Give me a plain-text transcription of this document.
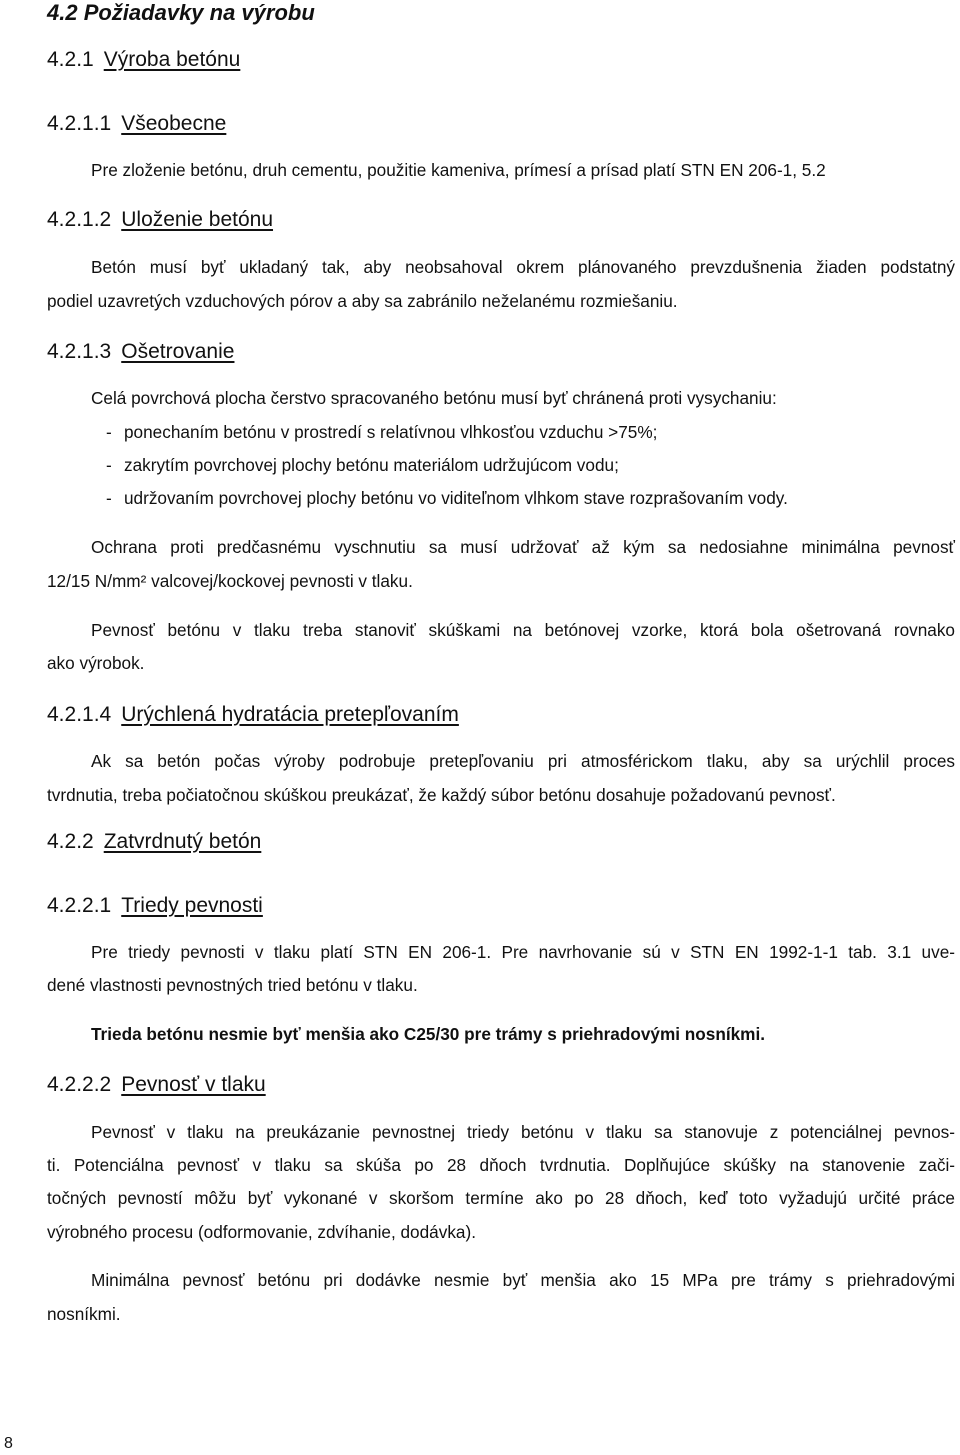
4.2 Požiadavky na výrobu
4.2.1 Výroba betónu
4.2.1.1 Všeobecne
Pre zloženie betónu, druh cementu, použitie kameniva, prímesí a prísad platí STN EN 206-1, 5.2
4.2.1.2 Uloženie betónu
Betón musí byť ukladaný tak, aby neobsahoval okrem plánovaného prevzdušnenia žiaden podstatný
podiel uzavretých vzduchových pórov a aby sa zabránilo neželanému rozmiešaniu.
4.2.1.3 Ošetrovanie
Celá povrchová plocha čerstvo spracovaného betónu musí byť chránená proti vysychaniu:
- ponechaním betónu v prostredí s relatívnou vlhkosťou vzduchu >75%;
- zakrytím povrchovej plochy betónu materiálom udržujúcom vodu;
- udržovaním povrchovej plochy betónu vo viditeľnom vlhkom stave rozprašovaním vody.
Ochrana proti predčasnému vyschnutiu sa musí udržovať až kým sa nedosiahne minimálna pevnosť
12/15 N/mm² valcovej/kockovej pevnosti v tlaku.
Pevnosť betónu v tlaku treba stanoviť skúškami na betónovej vzorke, ktorá bola ošetrovaná rovnako
ako výrobok.
4.2.1.4 Urýchlená hydratácia pretepľovaním
Ak sa betón počas výroby podrobuje pretepľovaniu pri atmosférickom tlaku, aby sa urýchlil proces
tvrdnutia, treba počiatočnou skúškou preukázať, že každý súbor betónu dosahuje požadovanú pevnosť.
4.2.2 Zatvrdnutý betón
4.2.2.1 Triedy pevnosti
Pre triedy pevnosti v tlaku platí STN EN 206-1. Pre navrhovanie sú v STN EN 1992-1-1 tab. 3.1 uve-
dené vlastnosti pevnostných tried betónu v tlaku.
Trieda betónu nesmie byť menšia ako C25/30 pre trámy s priehradovými nosníkmi.
4.2.2.2 Pevnosť v tlaku
Pevnosť v tlaku na preukázanie pevnostnej triedy betónu v tlaku sa stanovuje z potenciálnej pevnos-
ti. Potenciálna pevnosť v tlaku sa skúša po 28 dňoch tvrdnutia. Doplňujúce skúšky na stanovenie zači-
točných pevností môžu byť vykonané v skoršom termíne ako po 28 dňoch, keď toto vyžadujú určité práce
výrobného procesu (odformovanie, zdvíhanie, dodávka).
Minimálna pevnosť betónu pri dodávke nesmie byť menšia ako 15 MPa pre trámy s priehradovými
nosníkmi.
8
